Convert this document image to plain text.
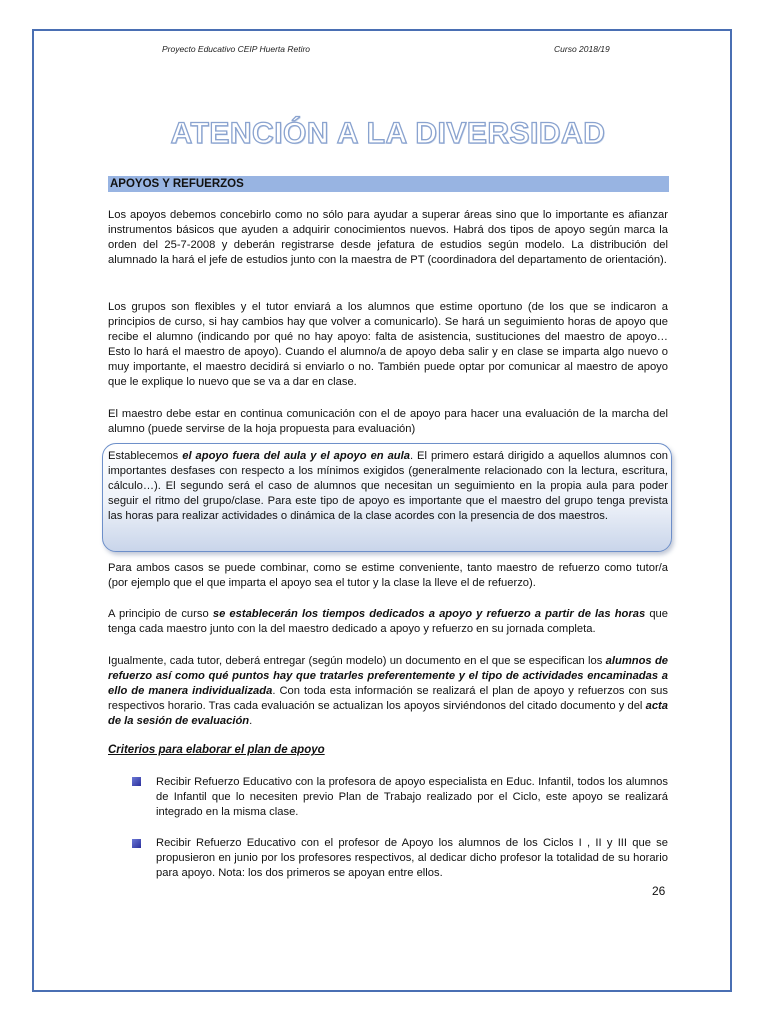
Proyecto Educativo CEIP Huerta Retiro	Curso 2018/19
ATENCIÓN A LA DIVERSIDAD
APOYOS Y REFUERZOS
Los apoyos debemos concebirlo como no sólo para ayudar a superar áreas sino que lo importante es afianzar instrumentos básicos que ayuden a adquirir conocimientos nuevos. Habrá dos tipos de apoyo según marca la orden del 25-7-2008 y deberán registrarse desde jefatura de estudios según modelo. La distribución del alumnado la hará el jefe de estudios junto con la maestra de PT (coordinadora del departamento de orientación).
Los grupos son flexibles y el tutor enviará a los alumnos que estime oportuno (de los que se indicaron a principios de curso, si hay cambios hay que volver a comunicarlo). Se hará un seguimiento horas de apoyo que recibe el alumno (indicando por qué no hay apoyo: falta de asistencia, sustituciones del maestro de apoyo… Esto lo hará el maestro de apoyo). Cuando el alumno/a de apoyo deba salir y en clase se imparta algo nuevo o muy importante, el maestro decidirá si enviarlo o no. También puede optar por comunicar al maestro de apoyo que le explique lo nuevo que se va a dar en clase.
El maestro debe estar en continua comunicación con el de apoyo para hacer una evaluación de la marcha del alumno (puede servirse de la hoja propuesta para evaluación)
Establecemos el apoyo fuera del aula y el apoyo en aula. El primero estará dirigido a aquellos alumnos con importantes desfases con respecto a los mínimos exigidos (generalmente relacionado con la lectura, escritura, cálculo…). El segundo será el caso de alumnos que necesitan un seguimiento en la propia aula para poder seguir el ritmo del grupo/clase. Para este tipo de apoyo es importante que el maestro del grupo tenga prevista las horas para realizar actividades o dinámica de la clase acordes con la presencia de dos maestros.
Para ambos casos se puede combinar, como se estime conveniente, tanto maestro de refuerzo como tutor/a (por ejemplo que el que imparta el apoyo sea el tutor y la clase la lleve el de refuerzo).
A principio de curso se establecerán los tiempos dedicados a apoyo y refuerzo a partir de las horas que tenga cada maestro junto con la del maestro dedicado a apoyo y refuerzo en su jornada completa.
Igualmente, cada tutor, deberá entregar (según modelo) un documento en el que se especifican los alumnos de refuerzo así como qué puntos hay que tratarles preferentemente y el tipo de actividades encaminadas a ello de manera individualizada. Con toda esta información se realizará el plan de apoyo y refuerzos con sus respectivos horario. Tras cada evaluación se actualizan los apoyos sirviéndonos del citado documento y del acta de la sesión de evaluación.
Criterios para elaborar el plan de apoyo
Recibir Refuerzo Educativo con la profesora de apoyo especialista en Educ. Infantil, todos los alumnos de Infantil que lo necesiten previo Plan de Trabajo realizado por el Ciclo, este apoyo se realizará integrado en la misma clase.
Recibir Refuerzo Educativo con el profesor de Apoyo los alumnos de los Ciclos I , II y III que se propusieron en junio por los profesores respectivos, al dedicar dicho profesor la totalidad de su horario para apoyo. Nota: los dos primeros se apoyan entre ellos.
26
